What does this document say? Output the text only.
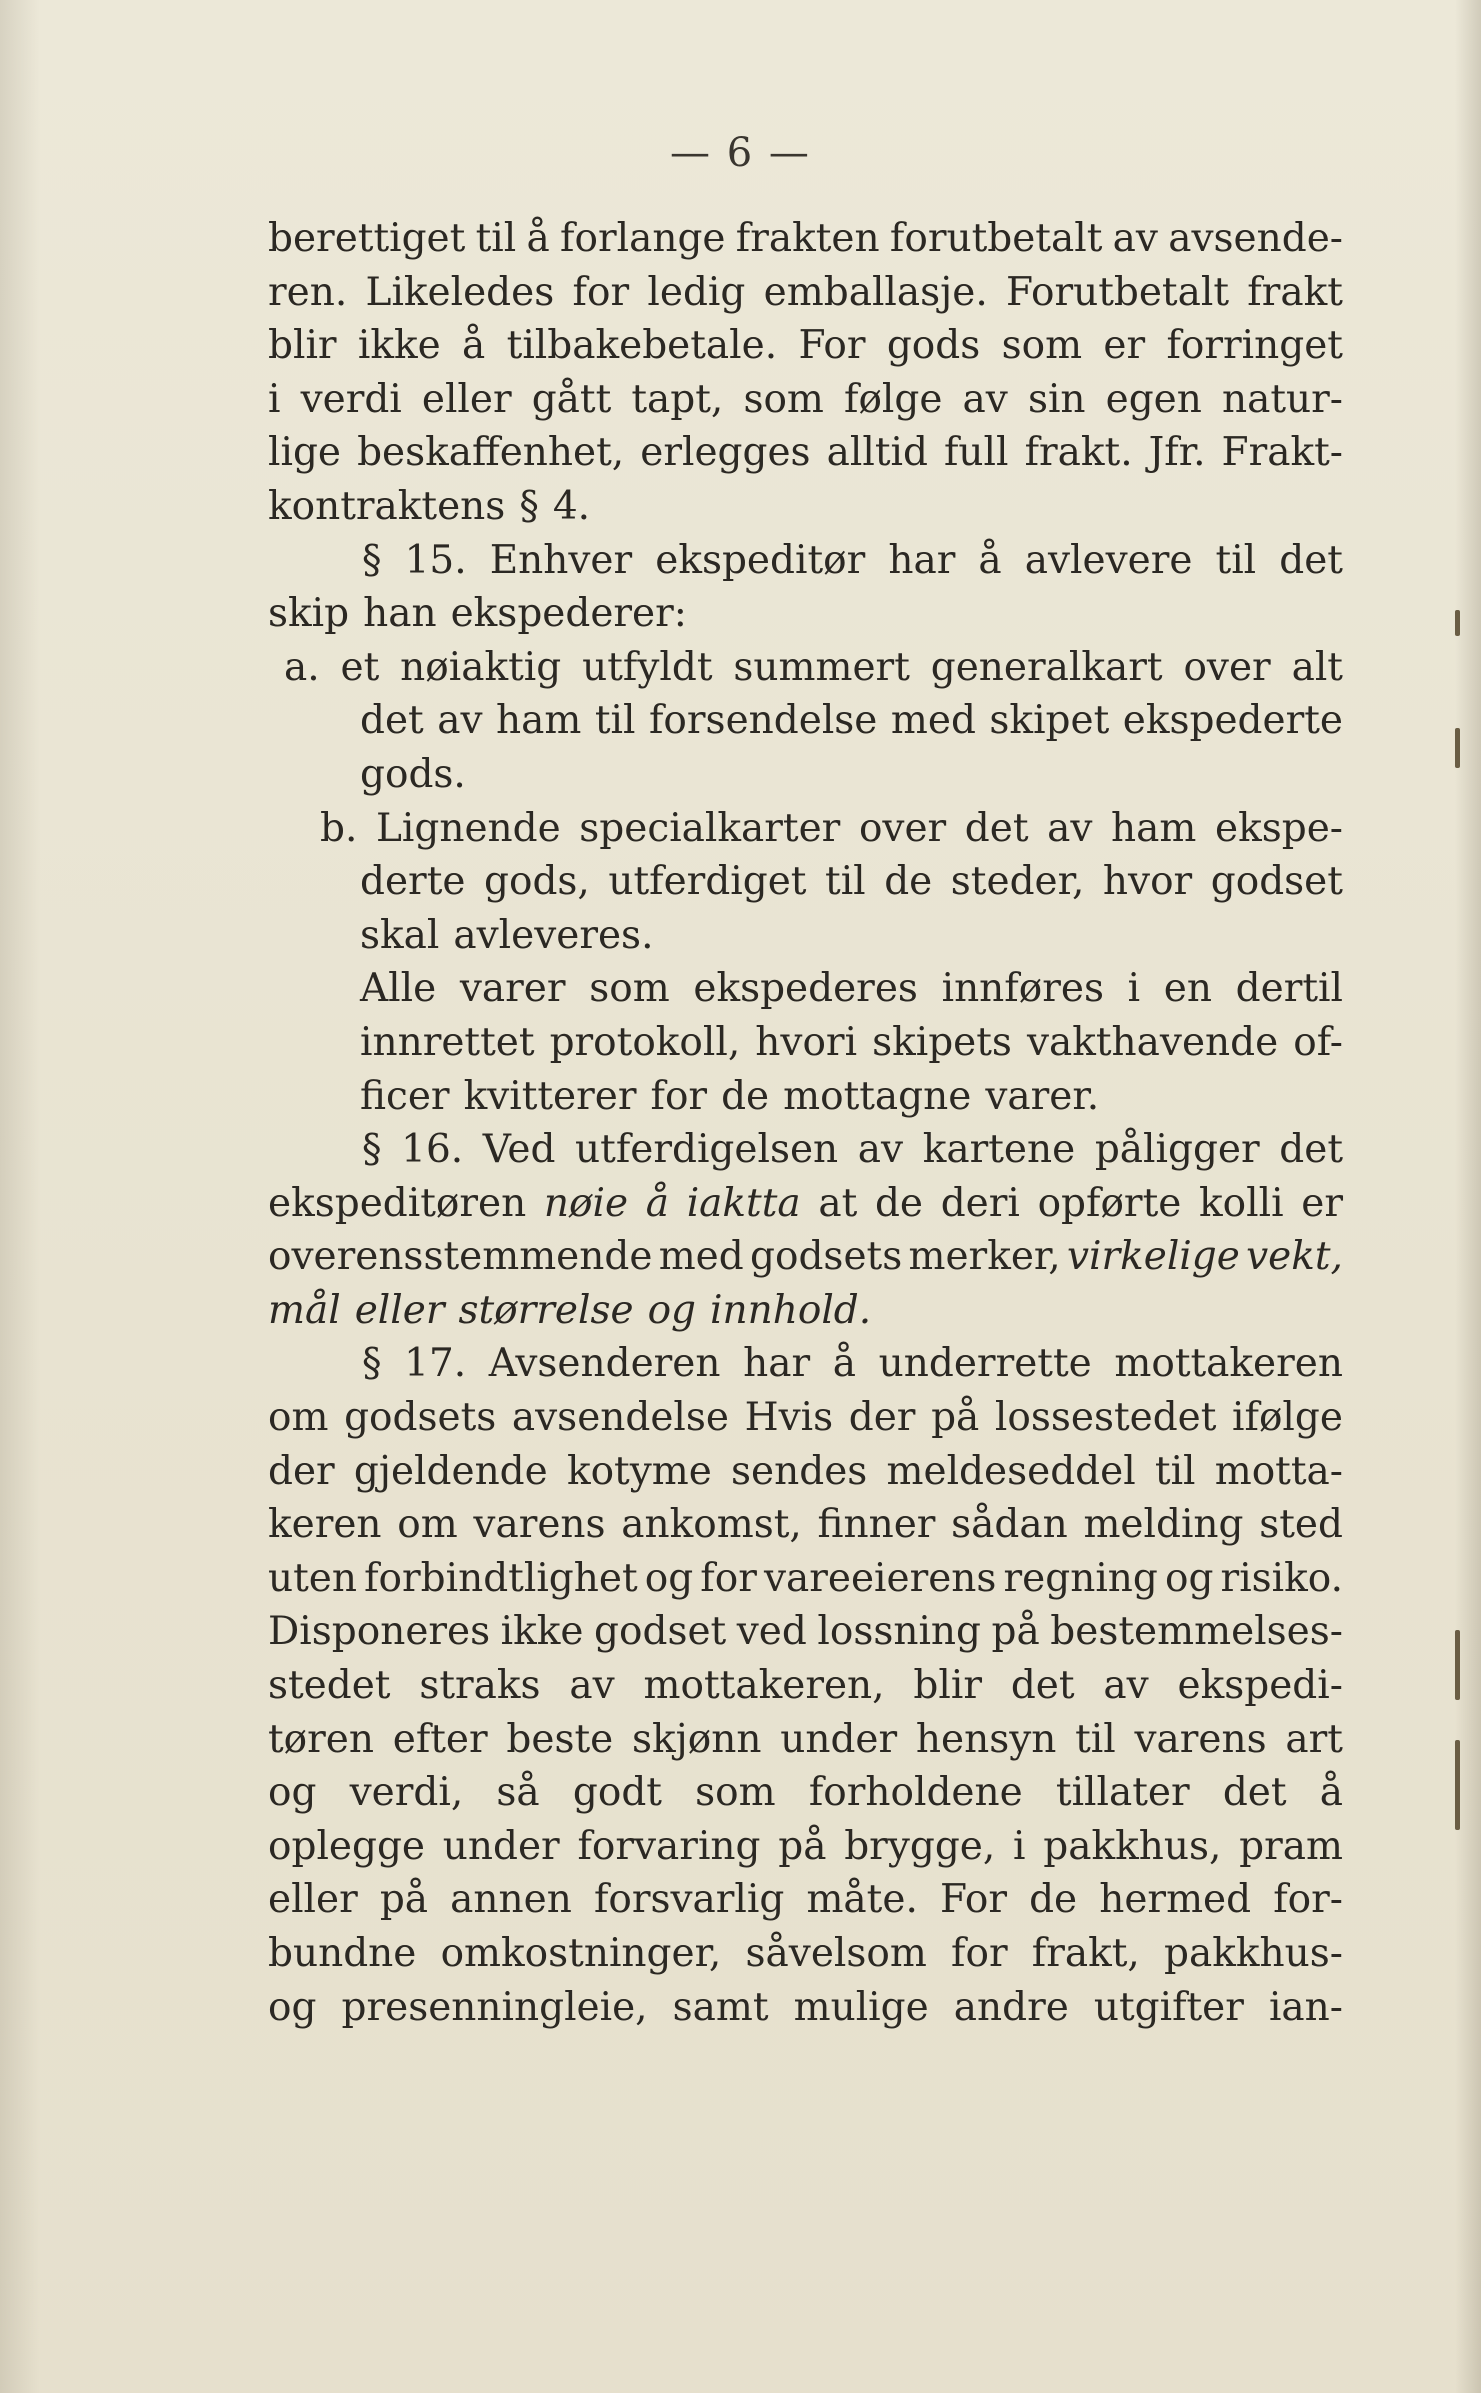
— 6 —
berettiget til å forlange frakten forutbetalt av avsende-
ren. Likeledes for ledig emballasje. Forutbetalt frakt
blir ikke å tilbakebetale. For gods som er forringet
i verdi eller gått tapt, som følge av sin egen natur-
lige beskaffenhet, erlegges alltid full frakt. Jfr. Frakt-
kontraktens § 4.
§ 15. Enhver ekspeditør har å avlevere til det
skip han ekspederer:
a. et nøiaktig utfyldt summert generalkart over alt
det av ham til forsendelse med skipet ekspederte
gods.
b. Lignende specialkarter over det av ham ekspe-
derte gods, utferdiget til de steder, hvor godset
skal avleveres.
Alle varer som ekspederes innføres i en dertil
innrettet protokoll, hvori skipets vakthavende of-
ficer kvitterer for de mottagne varer.
§ 16. Ved utferdigelsen av kartene påligger det
ekspeditøren nøie å iaktta at de deri opførte kolli er
overensstemmende med godsets merker, virkelige vekt,
mål eller størrelse og innhold.
§ 17. Avsenderen har å underrette mottakeren
om godsets avsendelse Hvis der på lossestedet ifølge
der gjeldende kotyme sendes meldeseddel til motta-
keren om varens ankomst, finner sådan melding sted
uten forbindtlighet og for vareeierens regning og risiko.
Disponeres ikke godset ved lossning på bestemmelses-
stedet straks av mottakeren, blir det av ekspedi-
tøren efter beste skjønn under hensyn til varens art
og verdi, så godt som forholdene tillater det å
oplegge under forvaring på brygge, i pakkhus, pram
eller på annen forsvarlig måte. For de hermed for-
bundne omkostninger, såvelsom for frakt, pakkhus-
og presenningleie, samt mulige andre utgifter ian-
